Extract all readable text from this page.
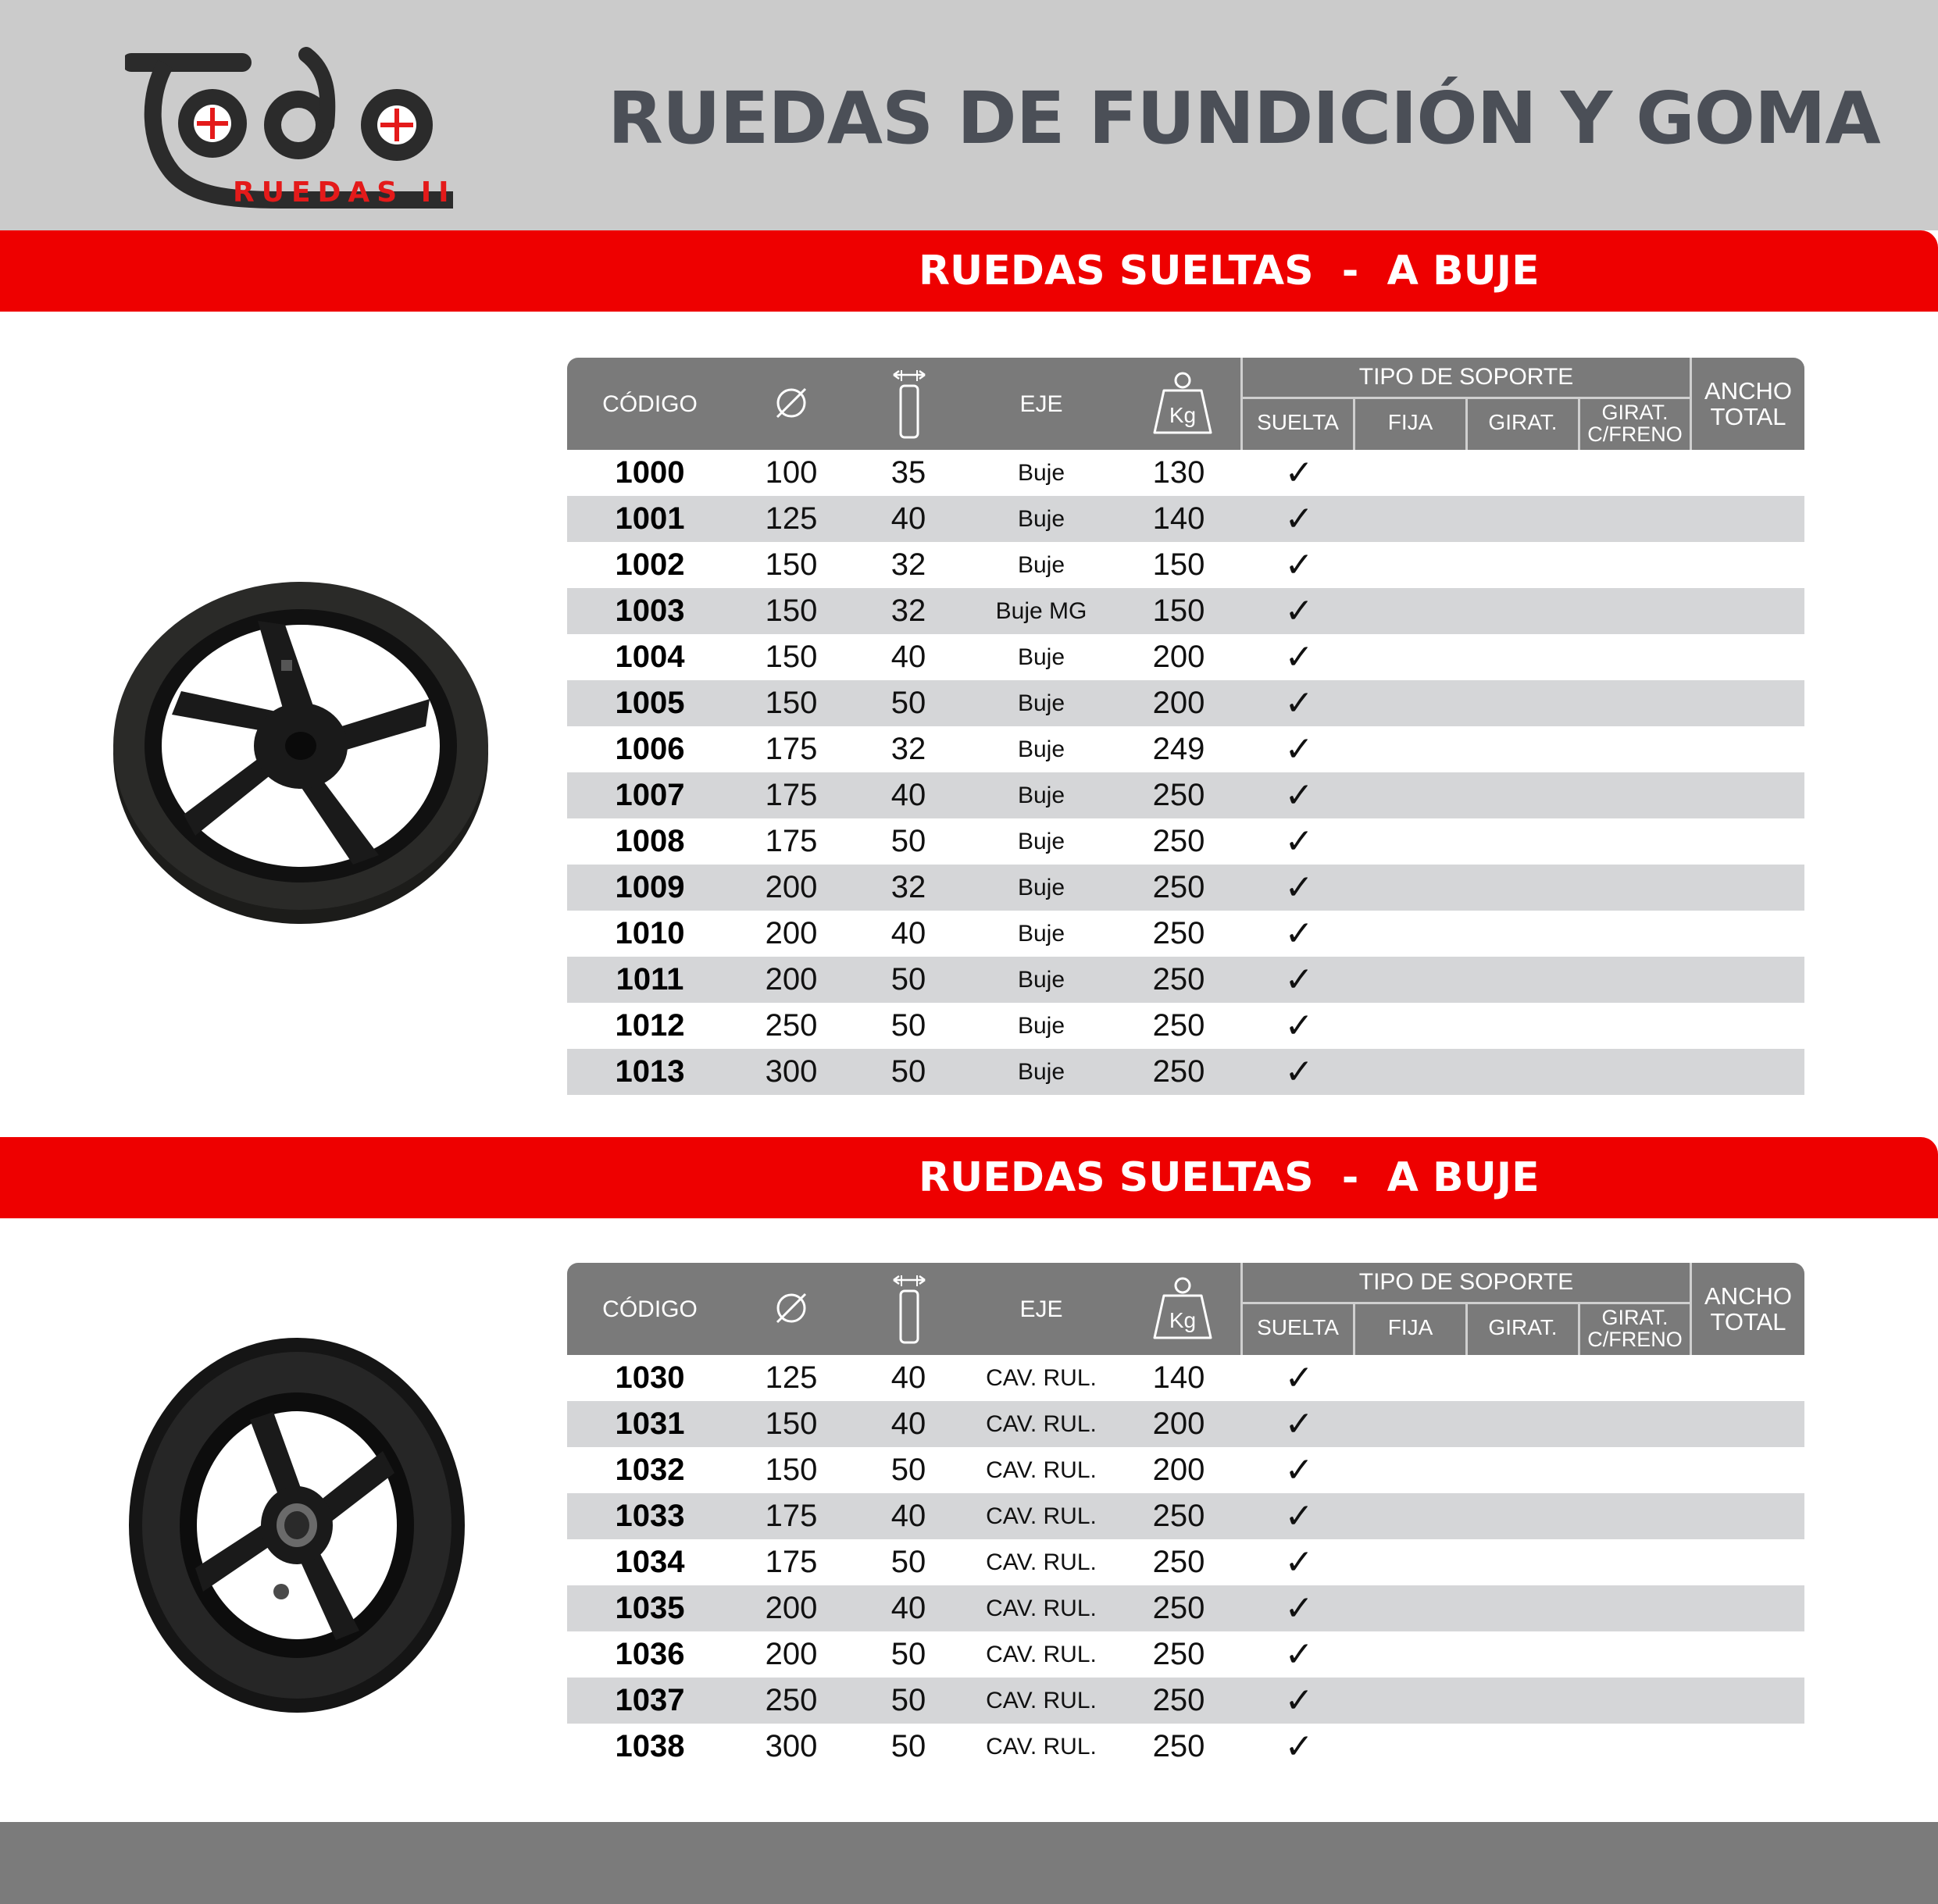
RUEDAS II
RUEDAS DE FUNDICIÓN Y GOMA
RUEDAS SUELTAS  -  A BUJE
CÓDIGO	EJE	Kg
TIPO DE SOPORTE
SUELTA	FIJA	GIRAT.	GIRAT.
C/FRENO
ANCHO
TOTAL
1000	100	35	Buje	130	✓
1001	125	40	Buje	140	✓
1002	150	32	Buje	150	✓
1003	150	32	Buje MG	150	✓
1004	150	40	Buje	200	✓
1005	150	50	Buje	200	✓
1006	175	32	Buje	249	✓
1007	175	40	Buje	250	✓
1008	175	50	Buje	250	✓
1009	200	32	Buje	250	✓
1010	200	40	Buje	250	✓
1011	200	50	Buje	250	✓
1012	250	50	Buje	250	✓
1013	300	50	Buje	250	✓
RUEDAS SUELTAS  -  A BUJE
CÓDIGO	EJE	Kg
TIPO DE SOPORTE
SUELTA	FIJA	GIRAT.	GIRAT.
C/FRENO
ANCHO
TOTAL
1030	125	40	CAV. RUL.	140	✓
1031	150	40	CAV. RUL.	200	✓
1032	150	50	CAV. RUL.	200	✓
1033	175	40	CAV. RUL.	250	✓
1034	175	50	CAV. RUL.	250	✓
1035	200	40	CAV. RUL.	250	✓
1036	200	50	CAV. RUL.	250	✓
1037	250	50	CAV. RUL.	250	✓
1038	300	50	CAV. RUL.	250	✓
